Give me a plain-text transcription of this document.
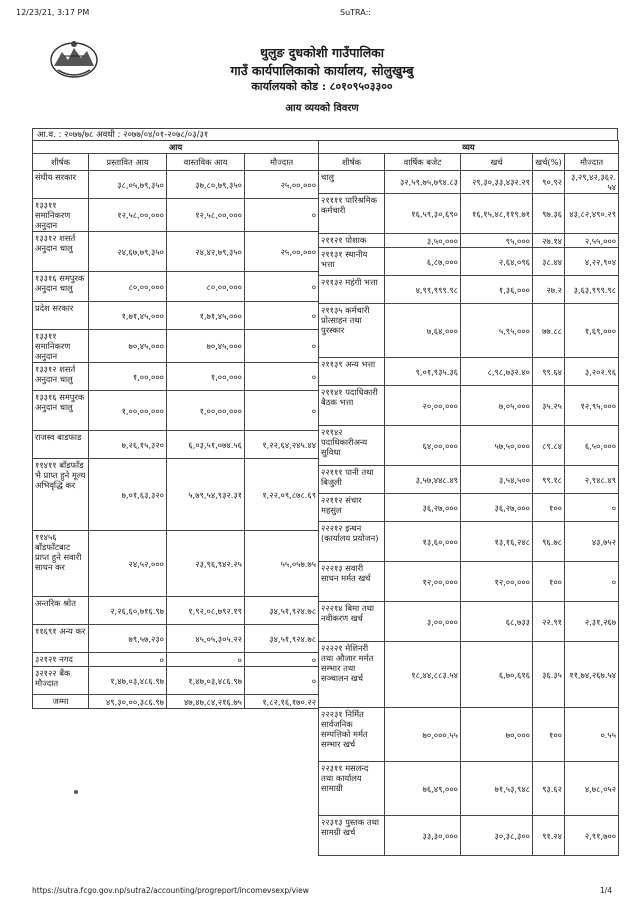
12/23/21, 3:17 PM	SuTRA::
थुलुङ दुधकोशी गाउँपालिका
गाउँ कार्यपालिकाको कार्यालय, सोलुखुम्बु
कार्यालयको कोड : ८०१०९५०३३००
आय व्ययको विवरण
आ.व. : २०७७/७८ अवधी : २०७७/०४/०१-२०७८/०३/३१
आय			
शीर्षक	प्रस्तावित आय	वास्तविक आय	मौज्दात
संघीय सरकार	३८,०५,७९,३५०	३७,८०,७९,३५०	२५,००,०००
१३३११ समानिकरण अनुदान	१२,५८,००,०००	१२,५८,००,०००	०
१३३१२ शसर्त अनुदान चालु	२४,६७,७९,३५०	२४,४२,७९,३५०	२५,००,०००
१३३१६ समपुरक अनुदान चालु	८०,००,०००	८०,००,०००	०
प्रदेश सरकार	१,७१,४५,०००	१,७१,४५,०००	०
१३३११ समानिकरण अनुदान	७०,४५,०००	७०,४५,०००	०
१३३१२ शसर्त अनुदान चालु	१,००,०००	१,००,०००	०
१३३१६ समपुरक अनुदान चालु	१,००,००,०००	१,००,००,०००	०
राजस्व बाडफाड	७,२६,१५,३२०	६,०३,५१,०७४.५६	१,२२,६४,२४५.४४
११४११ बाँडफाँड भै प्राप्त हुने मूल्य अभिवृद्धि कर	७,०१,६३,३२०	५,७९,५४,९३२.३१	१,२२,०९,८७८.६९
११४५६ बाँडफाँटबाट प्राप्त हुने सवारी साधन कर	२४,५२,०००	२३,९६,९४२.२५	५५,०५७.७५
अन्तरिक श्रोत	२,२६,६०,७१६.९७	१,९२,०८,७९२.१९	३४,५१,९२४.७८
११६९१ अन्य कर	७९,५७,२३०	४५,०५,३०५.२२	३४,५१,९२४.७८
३२१२१ नगद	०	०	०
३२१२२ बैंक मौज्दात	१,४७,०३,४८६.९७	१,४७,०३,४८६.९७	०
जम्मा	४९,३०,००,३८६.९७	४७,४७,८४,२१६.७५	१,८२,१६,१७०.२२
व्यय				
शीर्षक	वार्षिक बजेट	खर्च	खर्च(%)	मौज्दात
चालु	३२,५९,७५,७९४.८३	२९,३०,३३,४३२.२९	९०.९२	३,२९,४२,३६२.५४
२११११ पारिश्रमिक कर्मचारी	१६,५९,३०,६९०	१६,१५,४८,११९.७१	९७.३६	४३,८२,४९०.२९
२११२१ पोशाक	३,५०,०००	९५,०००	२७.१४	२,५५,०००
२११३१ स्थानीय भत्ता	६,८७,०००	२,६४,०९६	३८.४४	४,२२,९०४
२११३२ महंगी भत्ता	४,९९,९९९.९८	१,३६,०००	२७.२	३,६३,९९९.९८
२११३५ कर्मचारी प्रोत्साहन तथा पुरस्कार	७,६४,०००	५,९५,०००	७७.८८	१,६९,०००
२११३९ अन्य भत्ता	९,०१,९३५.३६	८,९८,७३२.४०	९९.६४	३,२०२.९६
२११४१ पदाधिकारी बैठक भत्ता	२०,००,०००	७,०५,०००	३५.२५	१२,९५,०००
२११४२ पदाधिकारीअन्य सुविधा	६४,००,०००	५७,५०,०००	८९.८४	६,५०,०००
२२१११ पानी तथा बिजुली	३,५७,४४८.४९	३,५४,५००	९९.१८	२,९४८.४९
२२११२ संचार महसुल	३६,२७,०००	३६,२७,०००	१००	०
२२२१२ इन्धन (कार्यालय प्रयोजन)	१३,६०,०००	१३,१६,२४८	९६.७८	४३,७५२
२२२१३ सवारी साधन मर्मत खर्च	१२,००,०००	१२,००,०००	१००	०
२२२१४ बिमा तथा नवीकरण खर्च	३,००,०००	६८,७३३	२२.९१	२,३१,२६७
२२२२१ मेशिनरी तथा औजार मर्मत सम्भार तथा सञ्चालन खर्च	१८,४४,८८३.५४	६,७०,६१६	३६.३५	११,७४,२६७.५४
२२२३१ निर्मित सार्वजनिक सम्पत्तिको मर्मत सम्भार खर्च	७०,०००.५५	७०,०००	१००	०.५५
२२३११ मसलन्द तथा कार्यालय सामाग्री	७६,४९,०००	७१,५३,९४८	९३.६२	४,७८,०५२
२२३१३ पुस्तक तथा सामग्री खर्च	३३,३०,०००	३०,३८,३००	९१.२४	२,९१,७००
https://sutra.fcgo.gov.np/sutra2/accounting/progreport/incomevsexp/view	1/4
